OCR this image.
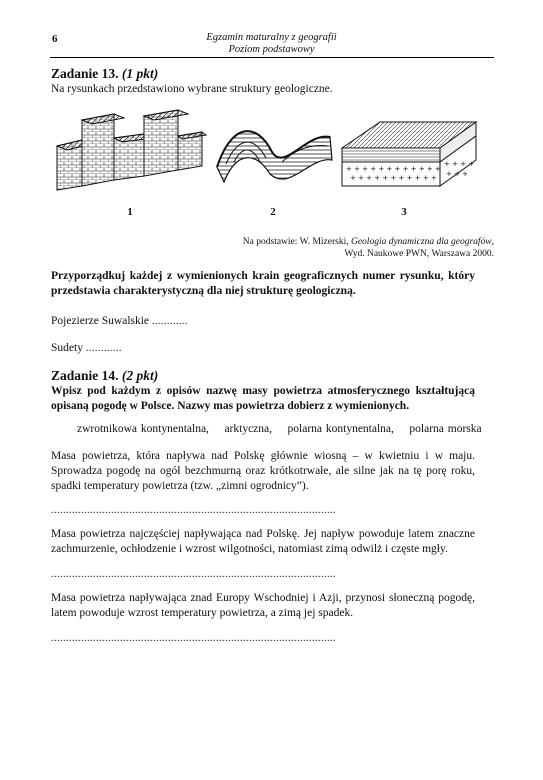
6	Egzamin maturalny z geografii
Poziom podstawowy
Zadanie 13. (1 pkt)
Na rysunkach przedstawiono wybrane struktury geologiczne.
1	2
+ + + + + + + + + + + +
+ + + + + + + + + + +
+ + + +
+ + +
3
Na podstawie: W. Mizerski, Geologia dynamiczna dla geografów,
Wyd. Naukowe PWN, Warszawa 2000.
Przyporządkuj każdej z wymienionych krain geograficznych numer rysunku, który przedstawia charakterystyczną dla niej strukturę geologiczną.
Pojezierze Suwalskie ............
Sudety ............
Zadanie 14. (2 pkt)
Wpisz pod każdym z opisów nazwę masy powietrza atmosferycznego kształtującą opisaną pogodę w Polsce. Nazwy mas powietrza dobierz z wymienionych.
zwrotnikowa kontynentalna, arktyczna, polarna kontynentalna, polarna morska
Masa powietrza, która napływa nad Polskę głównie wiosną – w kwietniu i w maju. Sprowadza pogodę na ogół bezchmurną oraz krótkotrwałe, ale silne jak na tę porę roku, spadki temperatury powietrza (tzw. „zimni ogrodnicy”).
...............................................................................................
Masa powietrza najczęściej napływająca nad Polskę. Jej napływ powoduje latem znaczne zachmurzenie, ochłodzenie i wzrost wilgotności, natomiast zimą odwilż i częste mgły.
...............................................................................................
Masa powietrza napływająca znad Europy Wschodniej i Azji, przynosi słoneczną pogodę, latem powoduje wzrost temperatury powietrza, a zimą jej spadek.
...............................................................................................
